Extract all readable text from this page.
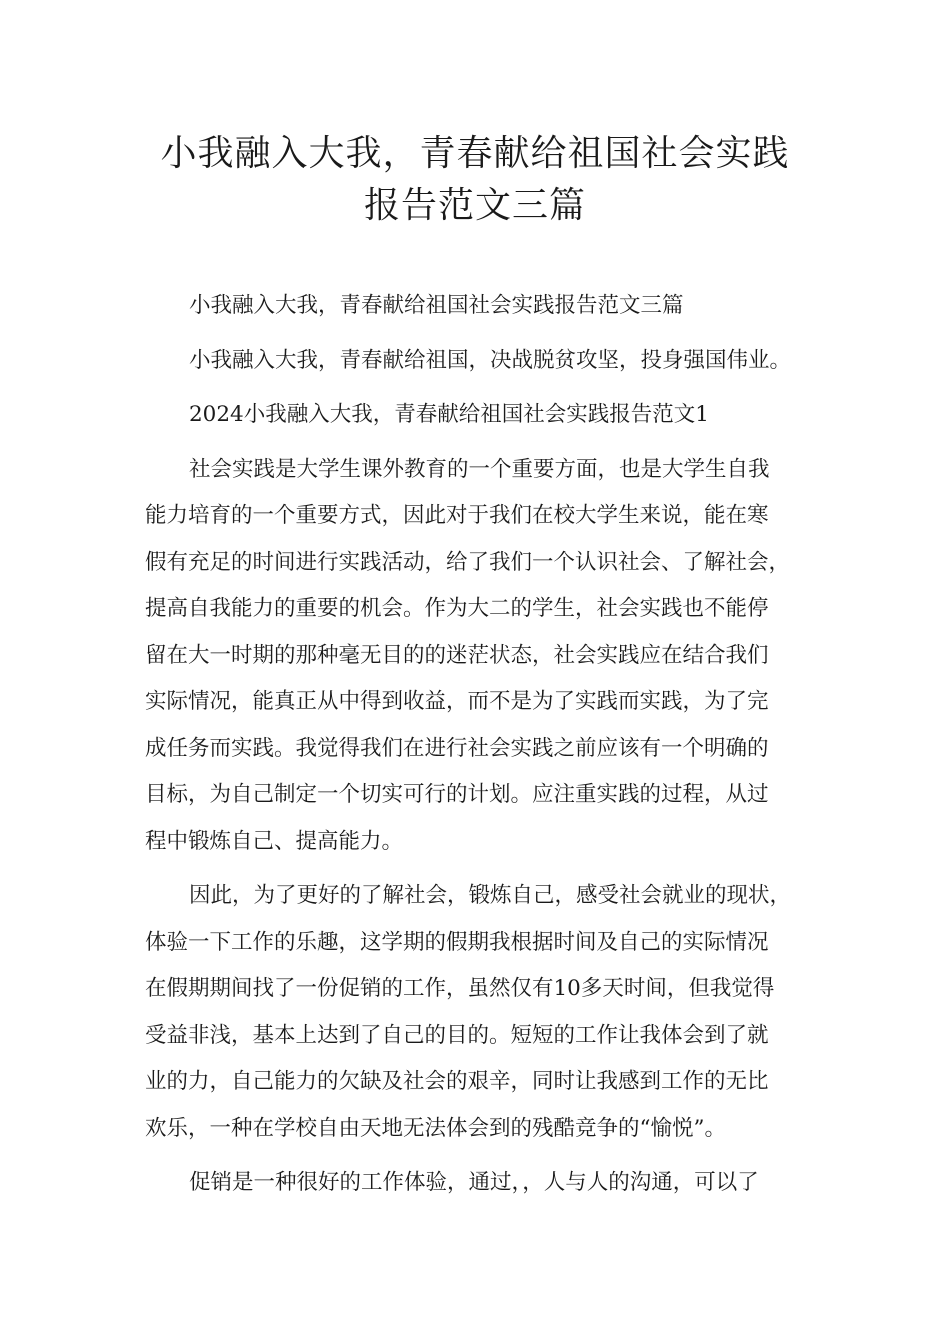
小我融入大我，青春献给祖国社会实践
报告范文三篇

小我融入大我，青春献给祖国社会实践报告范文三篇

小我融入大我，青春献给祖国，决战脱贫攻坚，投身强国伟业。

2024小我融入大我，青春献给祖国社会实践报告范文1

社会实践是大学生课外教育的一个重要方面，也是大学生自我
能力培育的一个重要方式，因此对于我们在校大学生来说，能在寒
假有充足的时间进行实践活动，给了我们一个认识社会、了解社会，
提高自我能力的重要的机会。作为大二的学生，社会实践也不能停
留在大一时期的那种毫无目的的迷茫状态，社会实践应在结合我们
实际情况，能真正从中得到收益，而不是为了实践而实践，为了完
成任务而实践。我觉得我们在进行社会实践之前应该有一个明确的
目标，为自己制定一个切实可行的计划。应注重实践的过程，从过
程中锻炼自己、提高能力。

因此，为了更好的了解社会，锻炼自己，感受社会就业的现状，
体验一下工作的乐趣，这学期的假期我根据时间及自己的实际情况
在假期期间找了一份促销的工作，虽然仅有10多天时间，但我觉得
受益非浅，基本上达到了自己的目的。短短的工作让我体会到了就
业的力，自己能力的欠缺及社会的艰辛，同时让我感到工作的无比
欢乐，一种在学校自由天地无法体会到的残酷竞争的“愉悦”。

促销是一种很好的工作体验，通过，，人与人的沟通，可以了
